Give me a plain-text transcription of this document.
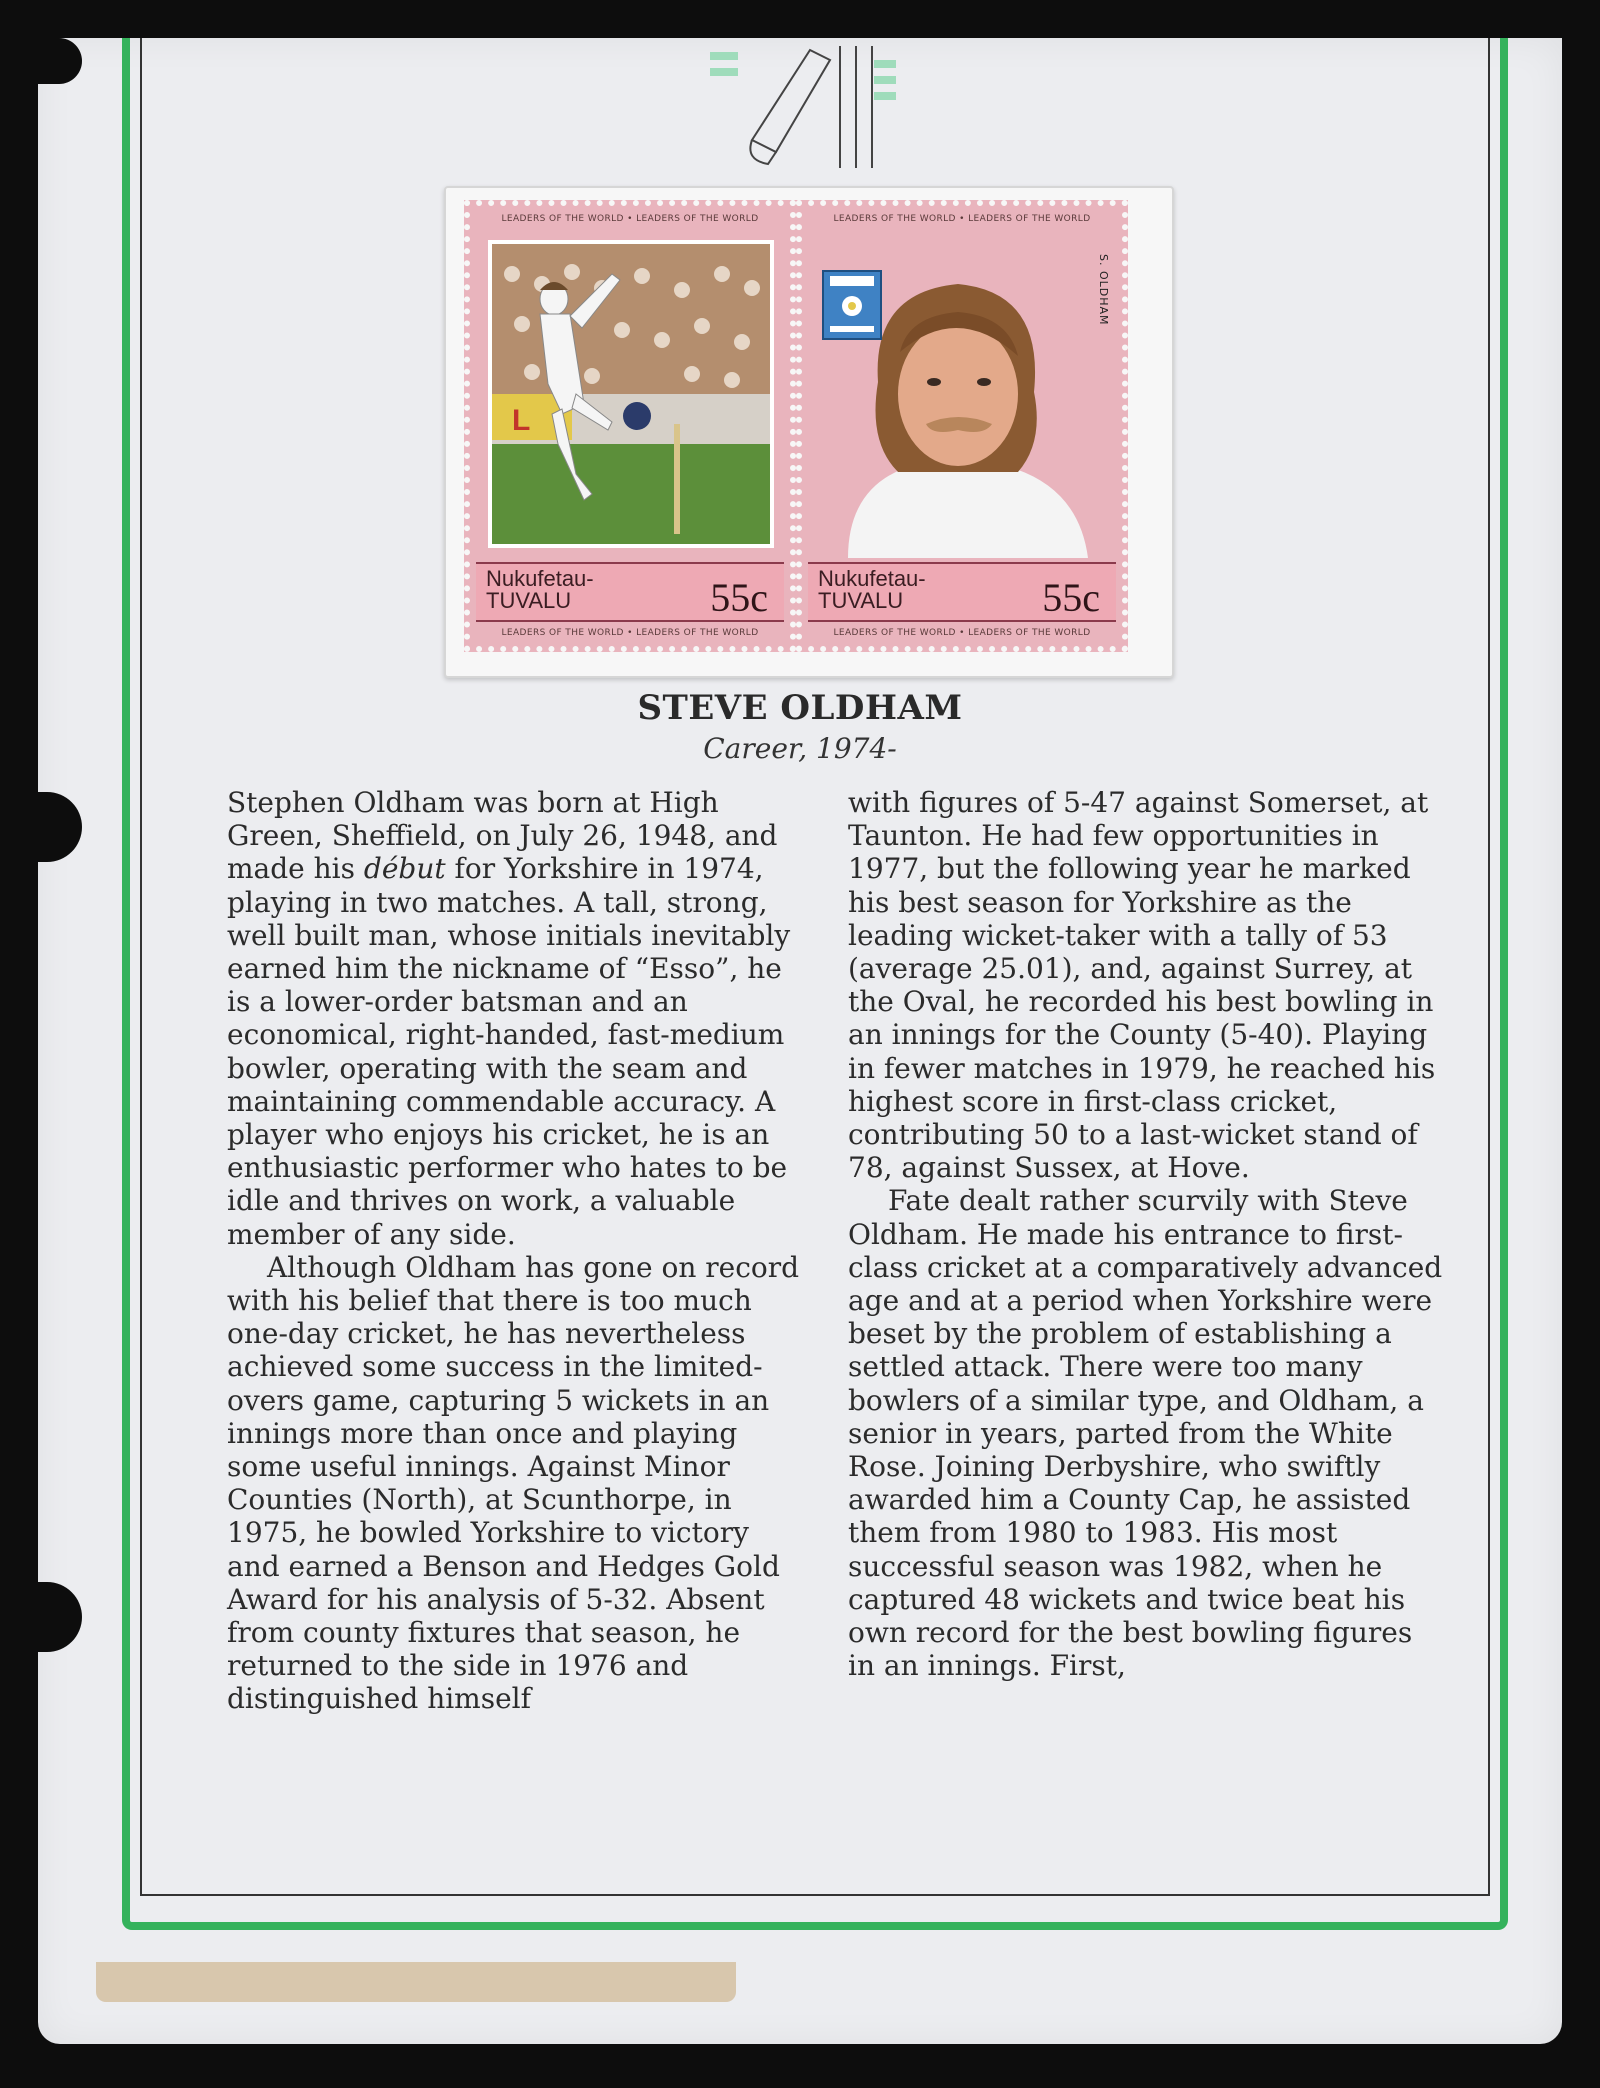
LEADERS OF THE WORLD • LEADERS OF THE WORLD
L
Nukufetau-
TUVALU	55c
LEADERS OF THE WORLD • LEADERS OF THE WORLD
LEADERS OF THE WORLD • LEADERS OF THE WORLD
S. OLDHAM
Nukufetau-
TUVALU	55c
LEADERS OF THE WORLD • LEADERS OF THE WORLD
STEVE OLDHAM
Career, 1974-

Stephen Oldham was born at High Green, Sheffield, on July 26, 1948, and made his début for Yorkshire in 1974, playing in two matches. A tall, strong, well built man, whose initials inevitably earned him the nickname of “Esso”, he is a lower-order batsman and an economical, right-handed, fast-medium bowler, operating with the seam and maintaining commendable accuracy. A player who enjoys his cricket, he is an enthusiastic performer who hates to be idle and thrives on work, a valuable member of any side.

Although Oldham has gone on record with his belief that there is too much one-day cricket, he has nevertheless achieved some success in the limited-overs game, capturing 5 wickets in an innings more than once and playing some useful innings. Against Minor Counties (North), at Scunthorpe, in 1975, he bowled Yorkshire to victory and earned a Benson and Hedges Gold Award for his analysis of 5-32. Absent from county fixtures that season, he returned to the side in 1976 and distinguished himself

with figures of 5-47 against Somerset, at Taunton. He had few opportunities in 1977, but the following year he marked his best season for Yorkshire as the leading wicket-taker with a tally of 53 (average 25.01), and, against Surrey, at the Oval, he recorded his best bowling in an innings for the County (5-40). Playing in fewer matches in 1979, he reached his highest score in first-class cricket, contributing 50 to a last-wicket stand of 78, against Sussex, at Hove.

Fate dealt rather scurvily with Steve Oldham. He made his entrance to first-class cricket at a comparatively advanced age and at a period when Yorkshire were beset by the problem of establishing a settled attack. There were too many bowlers of a similar type, and Oldham, a senior in years, parted from the White Rose. Joining Derbyshire, who swiftly awarded him a County Cap, he assisted them from 1980 to 1983. His most successful season was 1982, when he captured 48 wickets and twice beat his own record for the best bowling figures in an innings. First,
